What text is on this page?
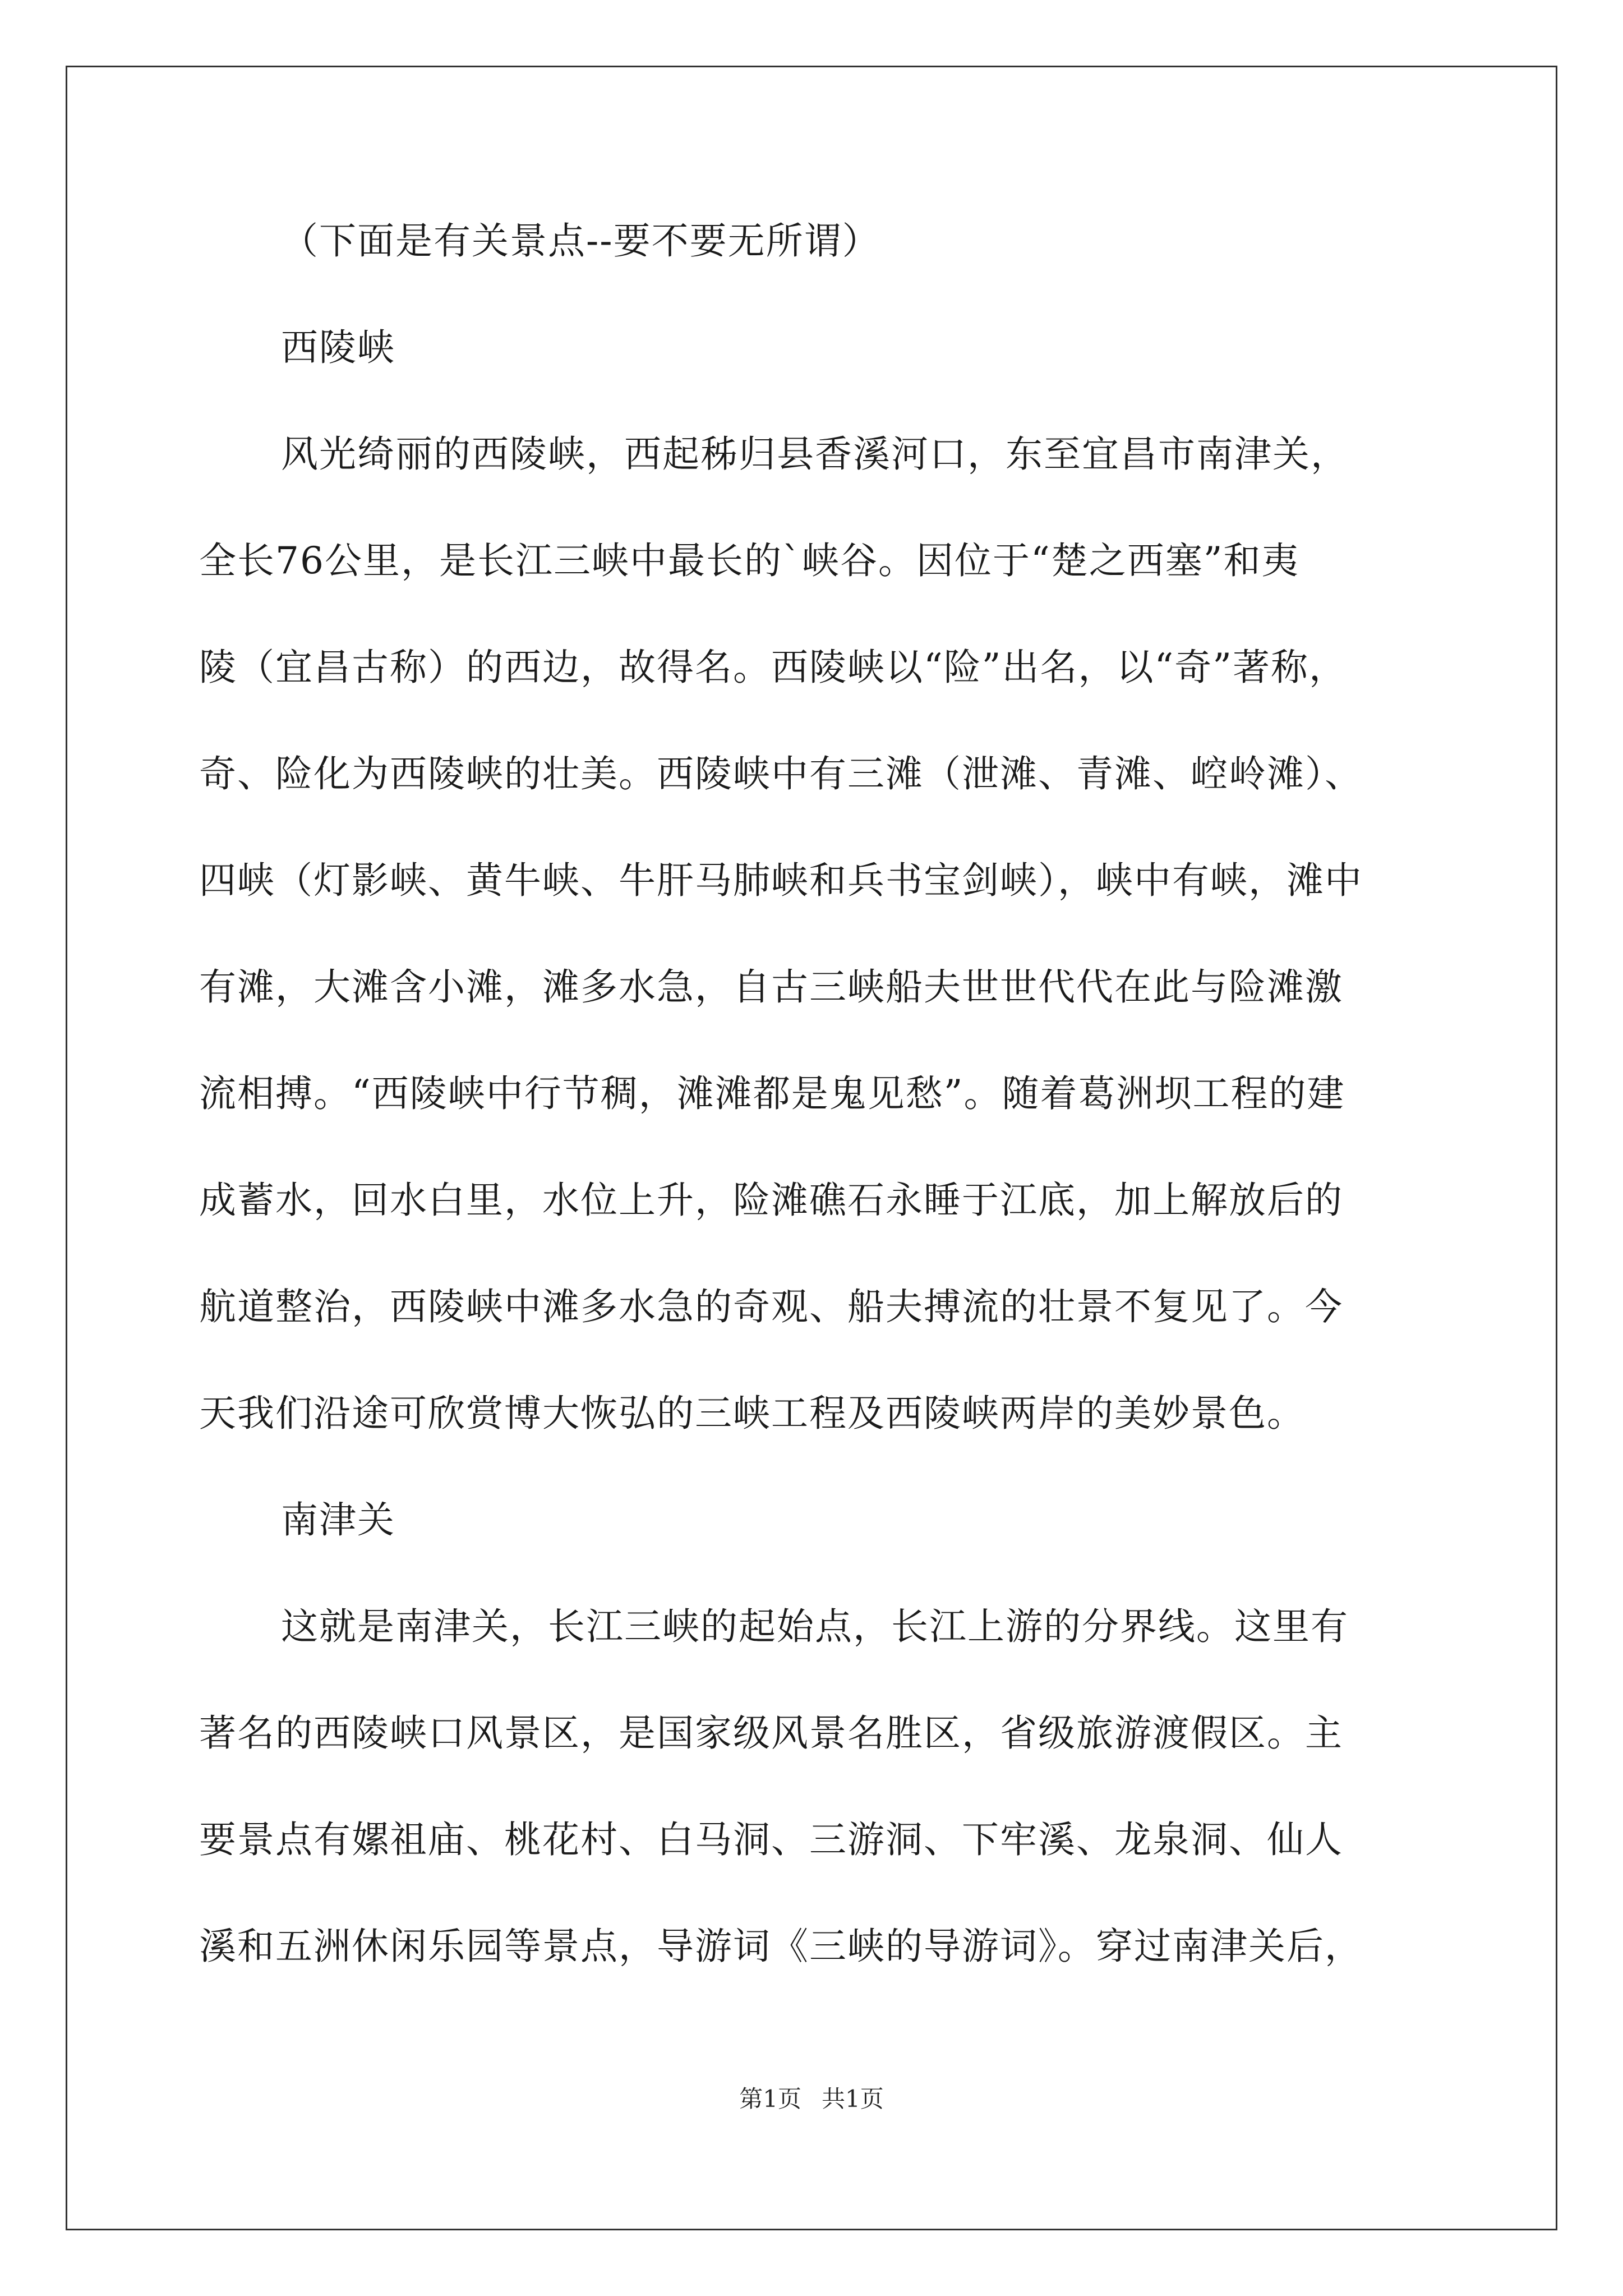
（下面是有关景点--要不要无所谓）
西陵峡
风光绮丽的西陵峡，西起秭归县香溪河口，东至宜昌市南津关，
全长76公里，是长江三峡中最长的`峡谷。因位于“楚之西塞”和夷
陵（宜昌古称）的西边，故得名。西陵峡以“险”出名，以“奇”著称，
奇、险化为西陵峡的壮美。西陵峡中有三滩（泄滩、青滩、崆岭滩）、
四峡（灯影峡、黄牛峡、牛肝马肺峡和兵书宝剑峡），峡中有峡，滩中
有滩，大滩含小滩，滩多水急，自古三峡船夫世世代代在此与险滩激
流相搏。“西陵峡中行节稠，滩滩都是鬼见愁”。随着葛洲坝工程的建
成蓄水，回水白里，水位上升，险滩礁石永睡于江底，加上解放后的
航道整治，西陵峡中滩多水急的奇观、船夫搏流的壮景不复见了。今
天我们沿途可欣赏博大恢弘的三峡工程及西陵峡两岸的美妙景色。
南津关
这就是南津关，长江三峡的起始点，长江上游的分界线。这里有
著名的西陵峡口风景区，是国家级风景名胜区，省级旅游渡假区。主
要景点有嫘祖庙、桃花村、白马洞、三游洞、下牢溪、龙泉洞、仙人
溪和五洲休闲乐园等景点，导游词《三峡的导游词》。穿过南津关后，
第1页 共1页
